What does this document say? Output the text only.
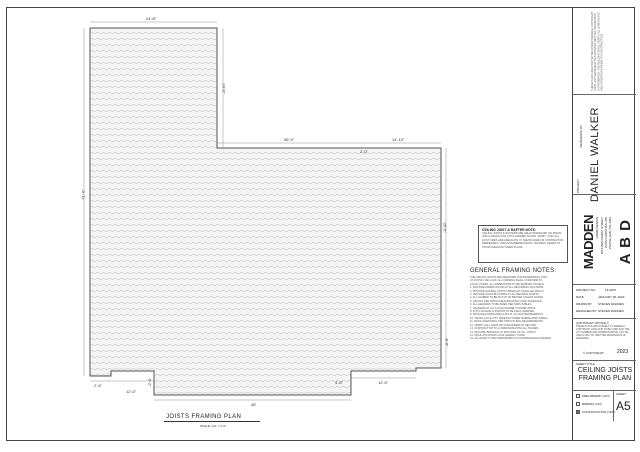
24'-8"
24'-0"
36'-5"	14'-10"
2'-0"
71'-6"
35'-0"
8'-6"
6'-2"
48'
2'-6"
12'-0"
4'-6"	12'-6"
JOISTS FRAMING PLAN
SCALE: 1/4" = 1'-0"
CEILING JOIST & RAFTER NOTE:
CEILING JOISTS & RAFTERS ARE SELECTED BASED ON SPANS AND LOADING FOR STICK FRAMED ROOFS. VERIFY THAT ALL JOIST SIZES ARE ADEQUATE. IF THE BUILDER OR CONTRACTOR PREFERABLY USES ENGINEERED ROOF TRUSSES, REFER TO TRUSS MANUFACTURER PLANS.
GENERAL FRAMING NOTES:
THE CEILING JOISTS ARE DESIGNED FOR RESIDENTIAL ONLY
AT 10 PSF LIVE LOAD. ALL FRAMING SHALL CONFORM TO
LOCAL CODES. ALL DIMENSIONS TO BE VERIFIED IN FIELD.
1. PROVIDE FIREBLOCKING AT ALL REQUIRED LOCATIONS.
2. PROVIDE DOUBLE JOISTS UNDER ALL PARALLEL WALLS.
3. PROVIDE SOLID BLOCKING AT ALL BEARING POINTS.
4. ALL LUMBER TO BE #2 SYP OR BETTER UNLESS NOTED.
5. NAILING PER APPLICABLE BUILDING CODE SCHEDULE.
6. ALL HEADERS TO BE SIZED PER SPAN TABLES.
7. HANGERS AT ALL FLUSH FRAMED CONNECTIONS.
8. ATTIC ACCESS LOCATION TO BE FIELD VERIFIED.
9. PROVIDE HURRICANE CLIPS AT ALL RAFTER BEARINGS.
10. TRUSS LAYOUT BY MANUFACTURER WHERE APPLICABLE.
11. ROOF SHEATHING PER STRUCTURAL REQUIREMENTS.
12. VERIFY ALL LOADS WITH ENGINEER OF RECORD.
13. CONTRACTOR TO COORDINATE WITH ALL TRADES.
14. PROVIDE BRIDGING AT MID SPAN OF ALL JOISTS.
15. INSULATION PER LOCAL ENERGY CODE.
16. ALL WORK TO BE PERFORMED IN A WORKMANLIKE MANNER.
THESE PLANS ARE PROTECTED UNDER FEDERAL COPYRIGHT LAWS. ANY REPRODUCTION WITHOUT WRITTEN PERMISSION IS PROHIBITED. THE BUILDER SHALL VERIFY ALL DIMENSIONS AND CONDITIONS PRIOR TO CONSTRUCTION.
RESIDENCE OF DANIEL WALKER
PROJECT
MADDEN HOME DESIGN 2515 BROADWAY STREET PASS CHRISTIAN, MS PHONE (228) 762-1992 A B D
PROJECT NO	13-0975
DATE	JANUARY 30, 2023
DRAWN BY STEVEN MADDEN
DESIGNED BY STEVEN MADDEN
COPYRIGHT NOTICE ©
THESE PLANS ARE SUBJECT TO FEDERAL COPYRIGHT LAWS AND TO BE USED FOR THE LOT NUMBER AND ADDRESS ABOVE. ANY RE-USE IS ONLY BY WRITTEN PERMISSION OF DESIGNER.
© COPYRIGHT	2023
SHEET TITLE
CEILING JOISTS FRAMING PLAN
PRELIMINARY (NO)
BIDDING (NO)
CONSTRUCTION (YES)
SHEET
A5
